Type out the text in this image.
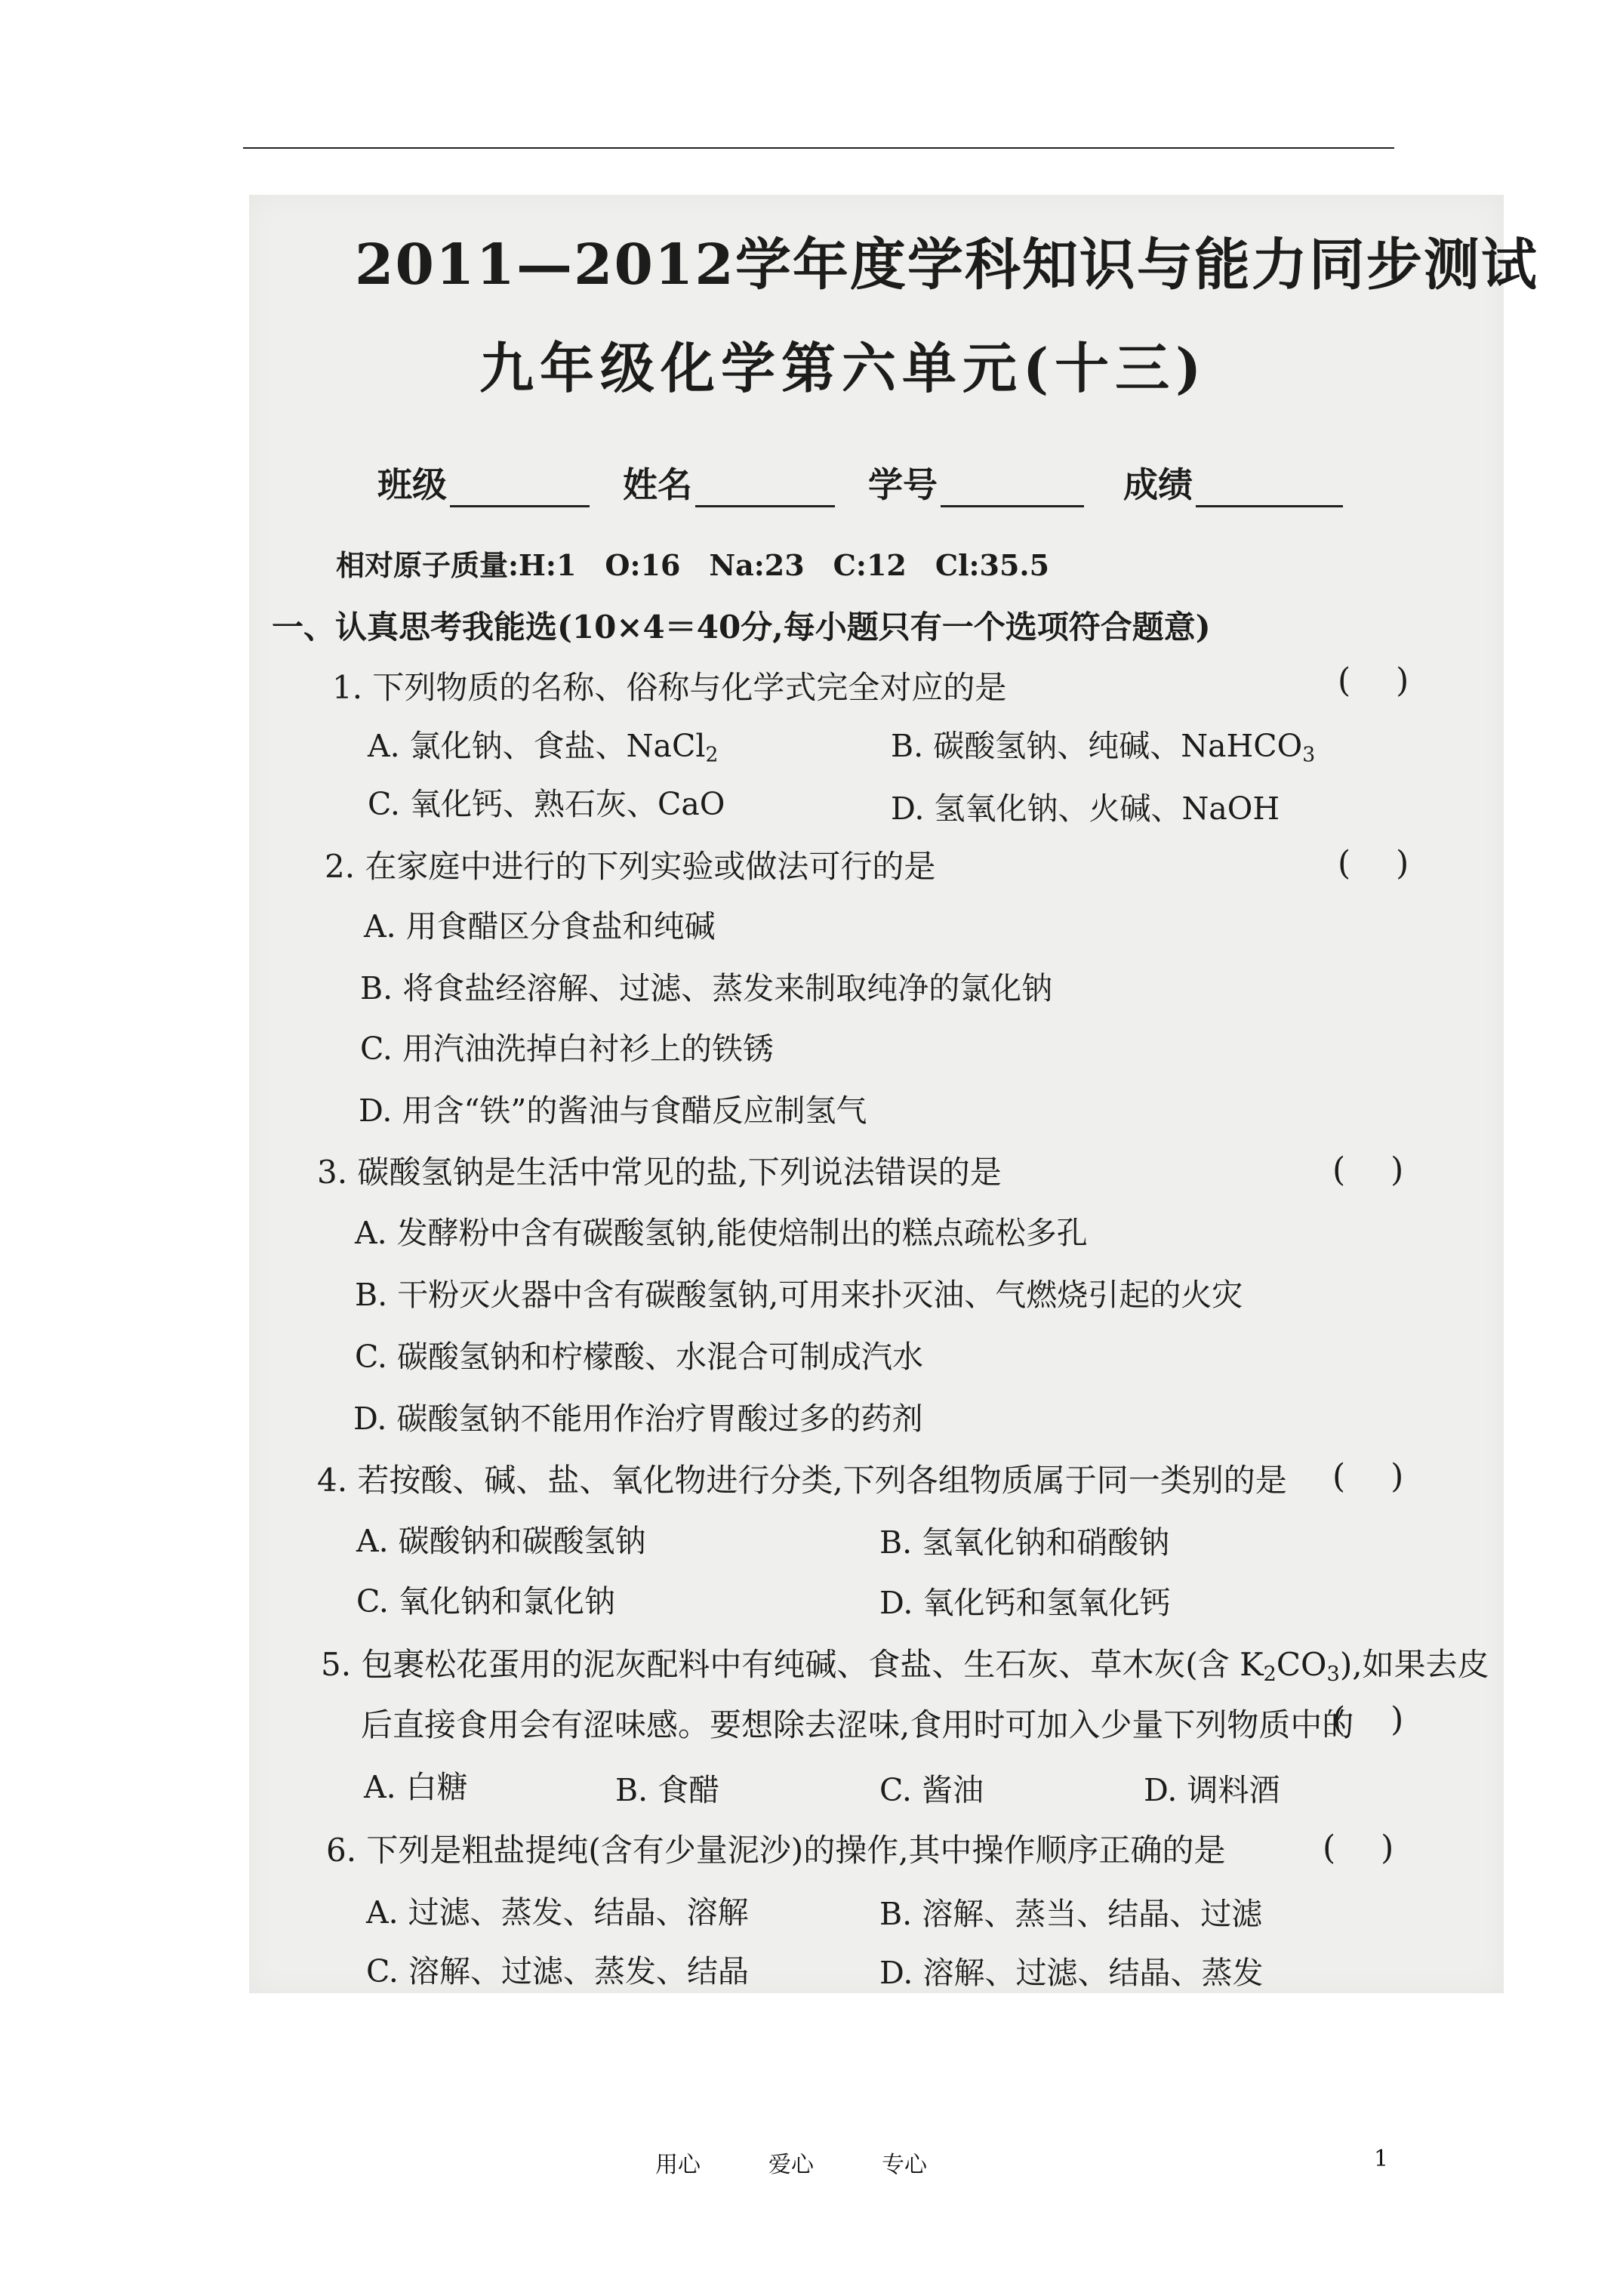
2011—2012学年度学科知识与能力同步测试
九年级化学第六单元(十三)
班级	姓名	学号	成绩
相对原子质量:H:1　O:16　Na:23　C:12　Cl:35.5
一、认真思考我能选(10×4＝40分,每小题只有一个选项符合题意)
1. 下列物质的名称、俗称与化学式完全对应的是	()
A. 氯化钠、食盐、NaCl$_2$	B. 碳酸氢钠、纯碱、NaHCO$_3$
C. 氧化钙、熟石灰、CaO	D. 氢氧化钠、火碱、NaOH
2. 在家庭中进行的下列实验或做法可行的是	()
A. 用食醋区分食盐和纯碱
B. 将食盐经溶解、过滤、蒸发来制取纯净的氯化钠
C. 用汽油洗掉白衬衫上的铁锈
D. 用含“铁”的酱油与食醋反应制氢气
3. 碳酸氢钠是生活中常见的盐,下列说法错误的是	()
A. 发酵粉中含有碳酸氢钠,能使焙制出的糕点疏松多孔
B. 干粉灭火器中含有碳酸氢钠,可用来扑灭油、气燃烧引起的火灾
C. 碳酸氢钠和柠檬酸、水混合可制成汽水
D. 碳酸氢钠不能用作治疗胃酸过多的药剂
4. 若按酸、碱、盐、氧化物进行分类,下列各组物质属于同一类别的是 ()
A. 碳酸钠和碳酸氢钠	B. 氢氧化钠和硝酸钠
C. 氧化钠和氯化钠	D. 氧化钙和氢氧化钙
5. 包裹松花蛋用的泥灰配料中有纯碱、食盐、生石灰、草木灰(含 $K_2CO_3$),如果去皮
后直接食用会有涩味感。要想除去涩味,食用时可加入少量下列物质中的
()
A. 白糖	B. 食醋	C. 酱油	D. 调料酒
6. 下列是粗盐提纯(含有少量泥沙)的操作,其中操作顺序正确的是	()
A. 过滤、蒸发、结晶、溶解	B. 溶解、蒸当、结晶、过滤
C. 溶解、过滤、蒸发、结晶	D. 溶解、过滤、结晶、蒸发
用心	爱心	专心	1
